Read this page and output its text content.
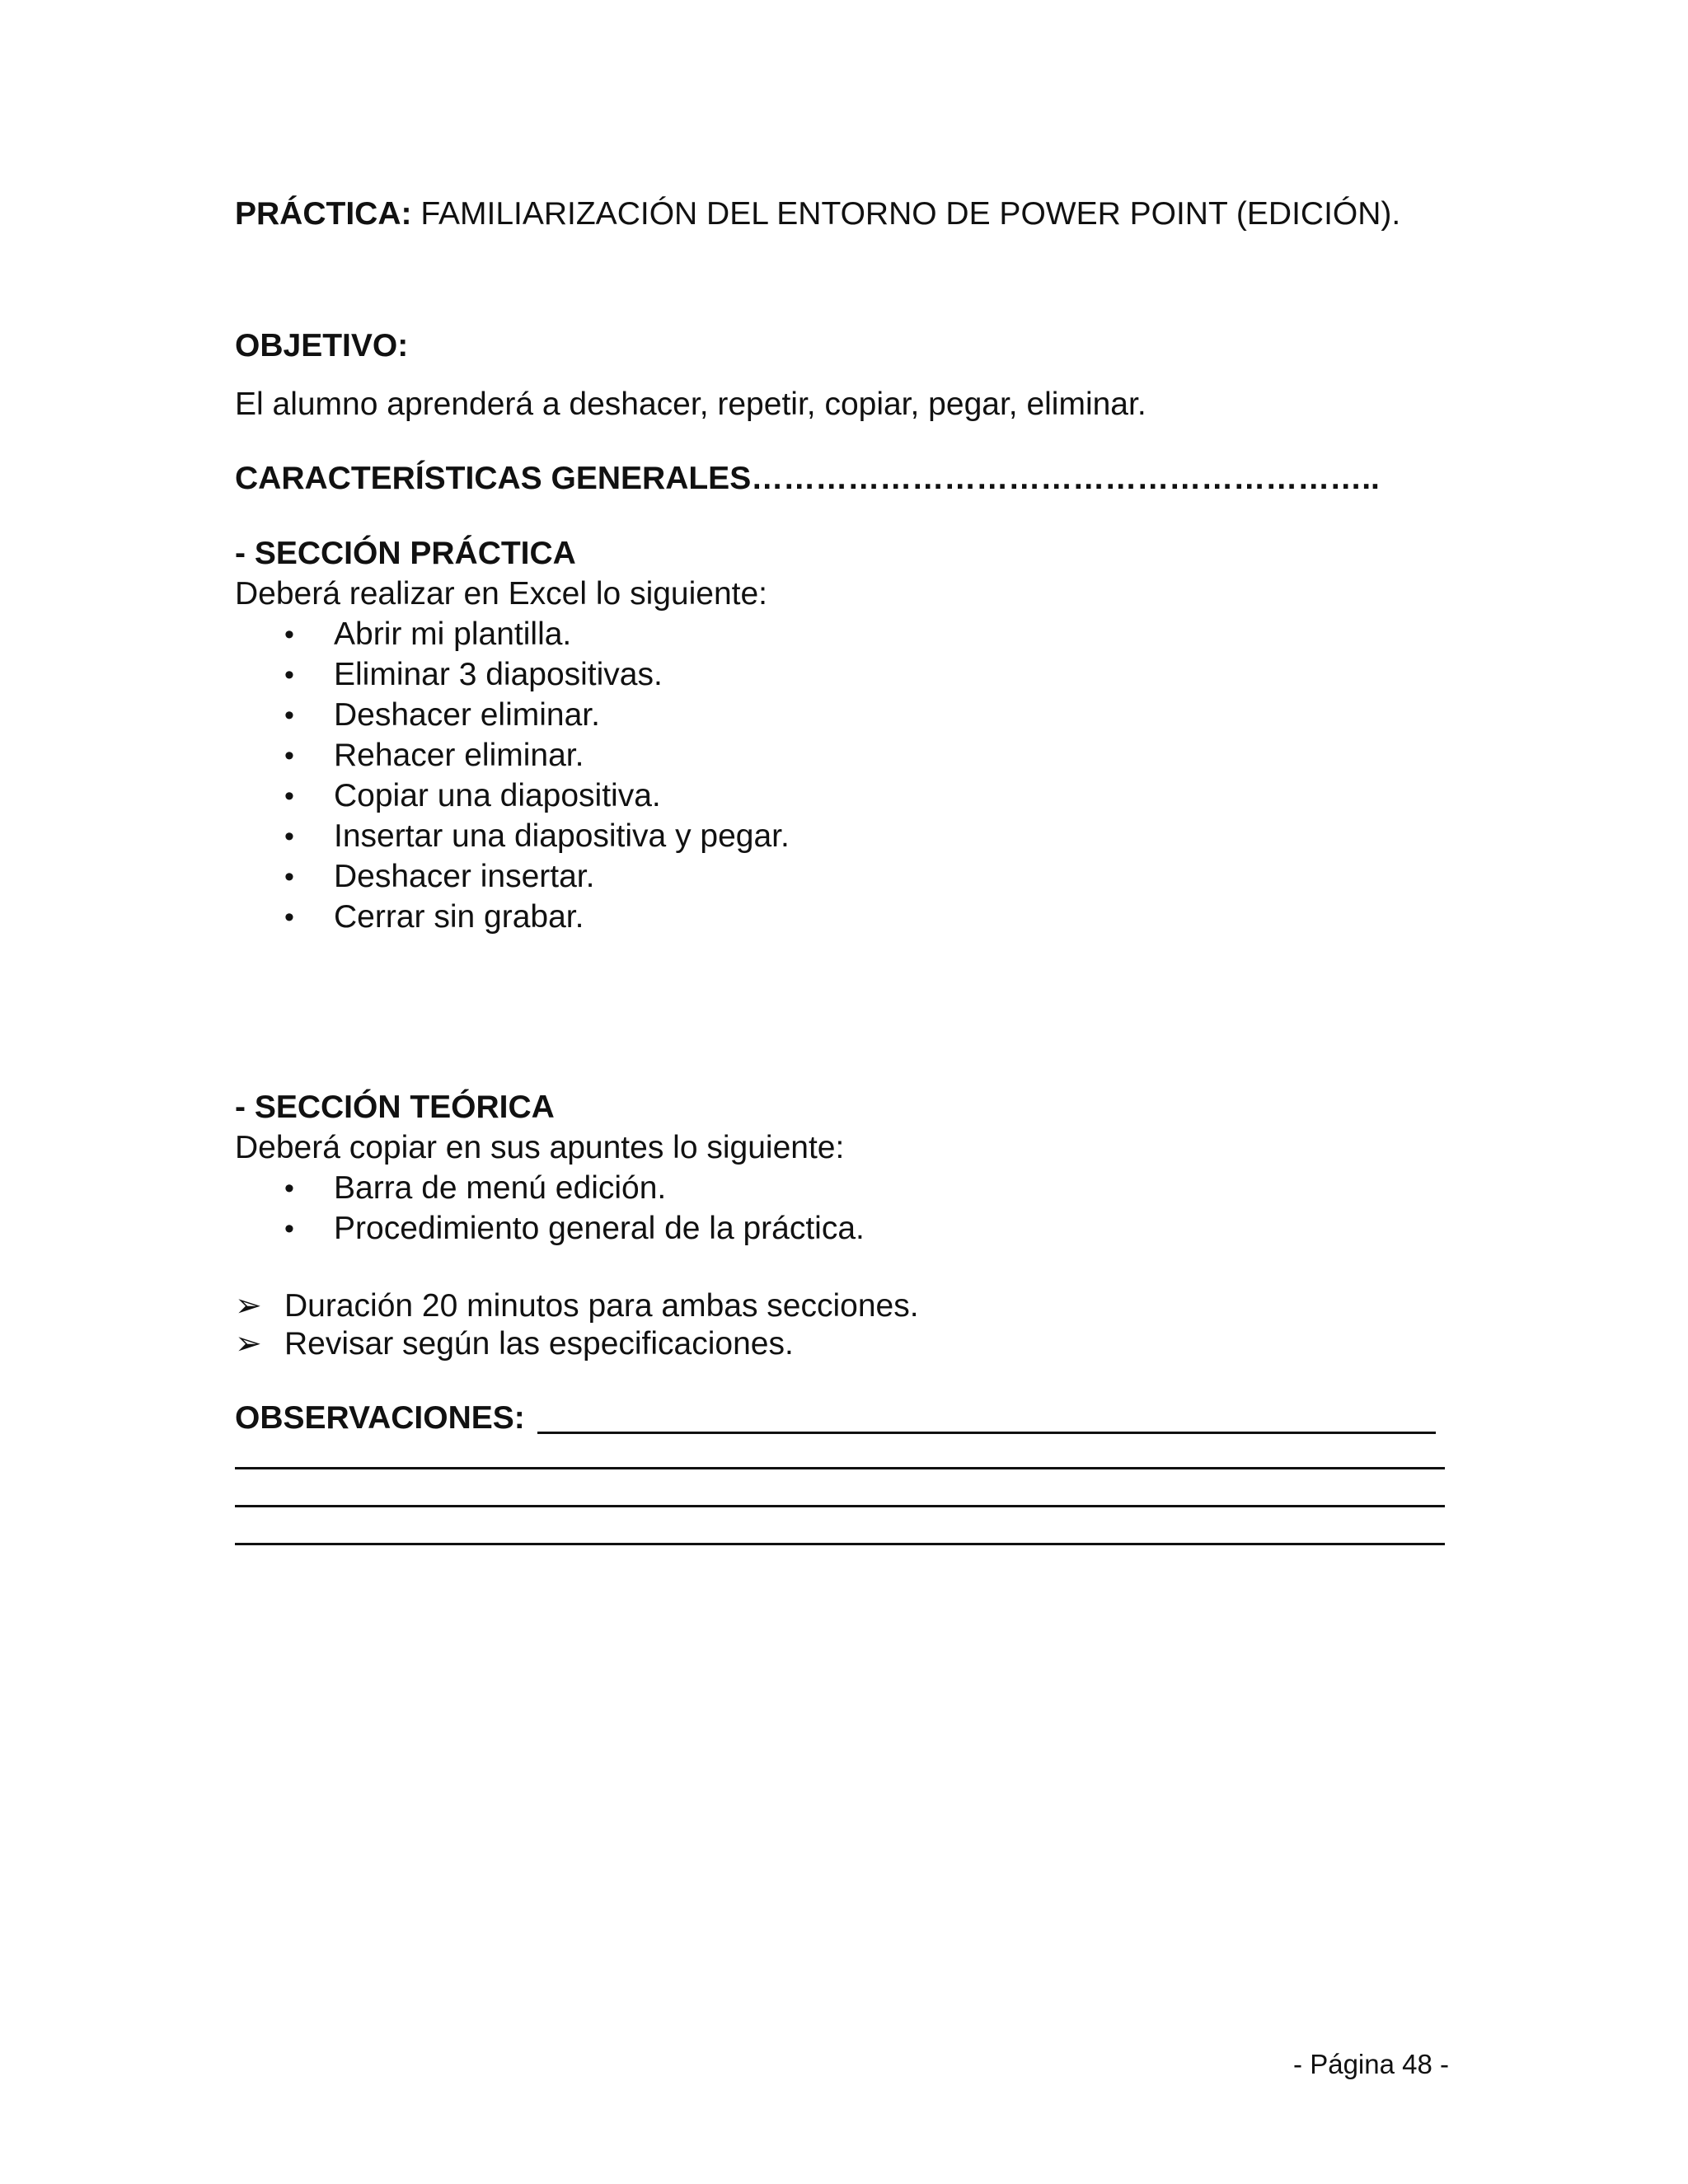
PRÁCTICA: FAMILIARIZACIÓN DEL ENTORNO DE POWER POINT (EDICIÓN).
OBJETIVO:
El alumno aprenderá a deshacer, repetir, copiar, pegar, eliminar.
CARACTERÍSTICAS GENERALES…………………………………………………..
- SECCIÓN PRÁCTICA
Deberá realizar en Excel lo siguiente:
• Abrir mi plantilla.
• Eliminar 3 diapositivas.
• Deshacer eliminar.
• Rehacer eliminar.
• Copiar una diapositiva.
• Insertar una diapositiva y pegar.
• Deshacer insertar.
• Cerrar sin grabar.
- SECCIÓN TEÓRICA
Deberá copiar en sus apuntes lo siguiente:
• Barra de menú edición.
• Procedimiento general de la práctica.
➢ Duración 20 minutos para ambas secciones.
➢ Revisar según las especificaciones.
OBSERVACIONES:
- Página 48 -
